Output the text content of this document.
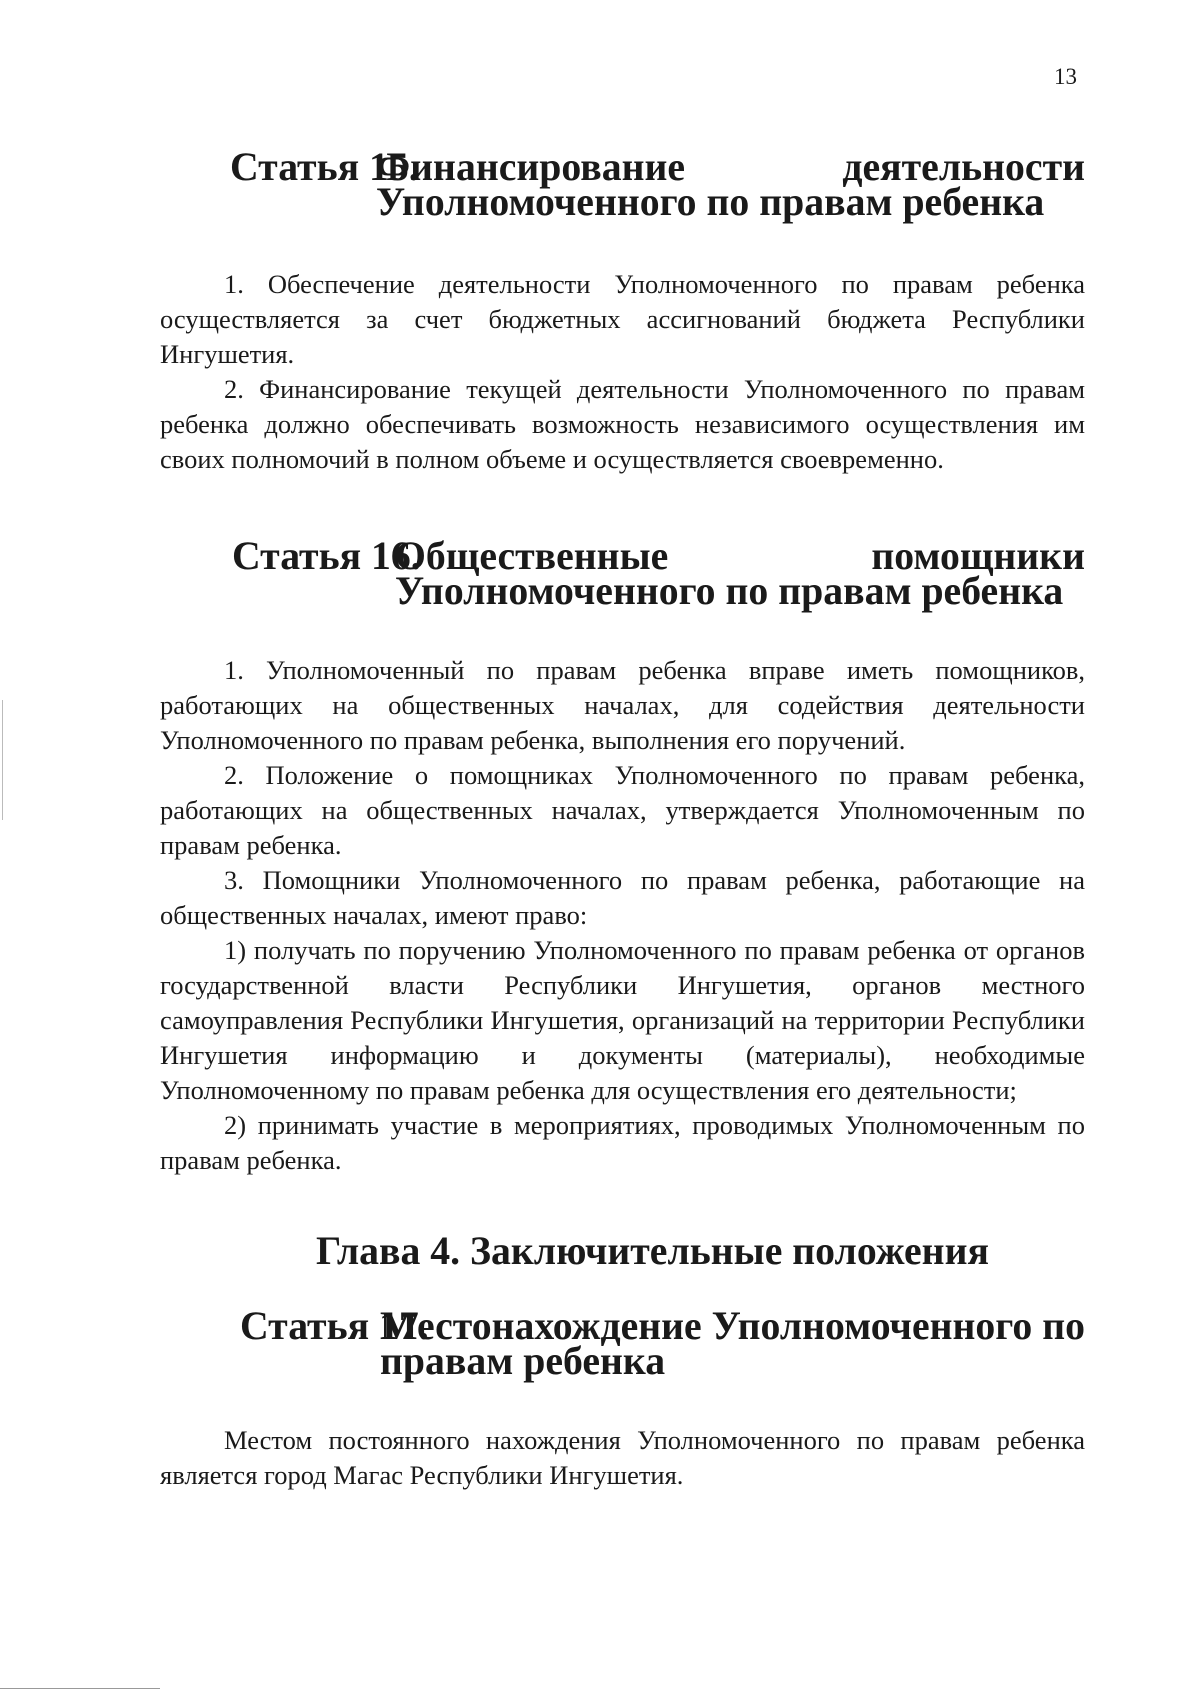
13
Статья 15.
Финансирование деятельности Уполномоченного по правам ребенка

1. Обеспечение деятельности Уполномоченного по правам ребенка осуществляется за счет бюджетных ассигнований бюджета Республики Ингушетия.

2. Финансирование текущей деятельности Уполномоченного по правам ребенка должно обеспечивать возможность независимого осуществления им своих полномочий в полном объеме и осуществляется своевременно.

Статья 16.
Общественные помощники Уполномоченного по правам ребенка

1. Уполномоченный по правам ребенка вправе иметь помощников, работающих на общественных началах, для содействия деятельности Уполномоченного по правам ребенка, выполнения его поручений.

2. Положение о помощниках Уполномоченного по правам ребенка, работающих на общественных началах, утверждается Уполномоченным по правам ребенка.

3. Помощники Уполномоченного по правам ребенка, работающие на общественных началах, имеют право:

1) получать по поручению Уполномоченного по правам ребенка от органов государственной власти Республики Ингушетия, органов местного самоуправления Республики Ингушетия, организаций на территории Республики Ингушетия информацию и документы (материалы), необходимые Уполномоченному по правам ребенка для осуществления его деятельности;

2) принимать участие в мероприятиях, проводимых Уполномоченным по правам ребенка.

Глава 4. Заключительные положения
Статья 17.
Местонахождение Уполномоченного по правам ребенка

Местом постоянного нахождения Уполномоченного по правам ребенка является город Магас Республики Ингушетия.
